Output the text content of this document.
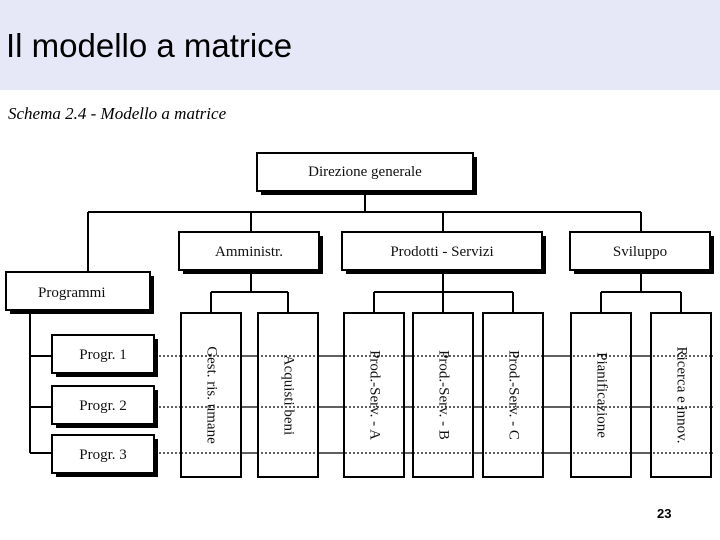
Il modello a matrice
Schema 2.4 - Modello a matrice
Direzione generale
Amministr.	Prodotti - Servizi	Sviluppo
Programmi
Progr. 1
Progr. 2
Progr. 3
Gest. ris. umane	Acquisti beni	Prod.-Serv. - A	Prod.-Serv. - B	Prod.-Serv. - C	Pianificazione	Ricerca e innov.
23
